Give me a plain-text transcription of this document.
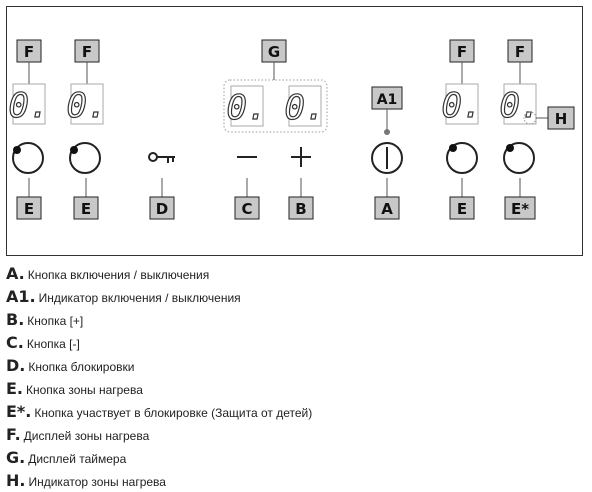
F
0.
F
0.
G
0. 0.	A1
F
0.
F
0. H
E	E	D	C	B	A	E	E*
A. Кнопка включения / выключения
A1. Индикатор включения / выключения
B. Кнопка [+]
C. Кнопка [-]
D. Кнопка блокировки
E. Кнопка зоны нагрева
E*. Кнопка участвует в блокировке (Защита от детей)
F. Дисплей зоны нагрева
G. Дисплей таймера
H. Индикатор зоны нагрева
